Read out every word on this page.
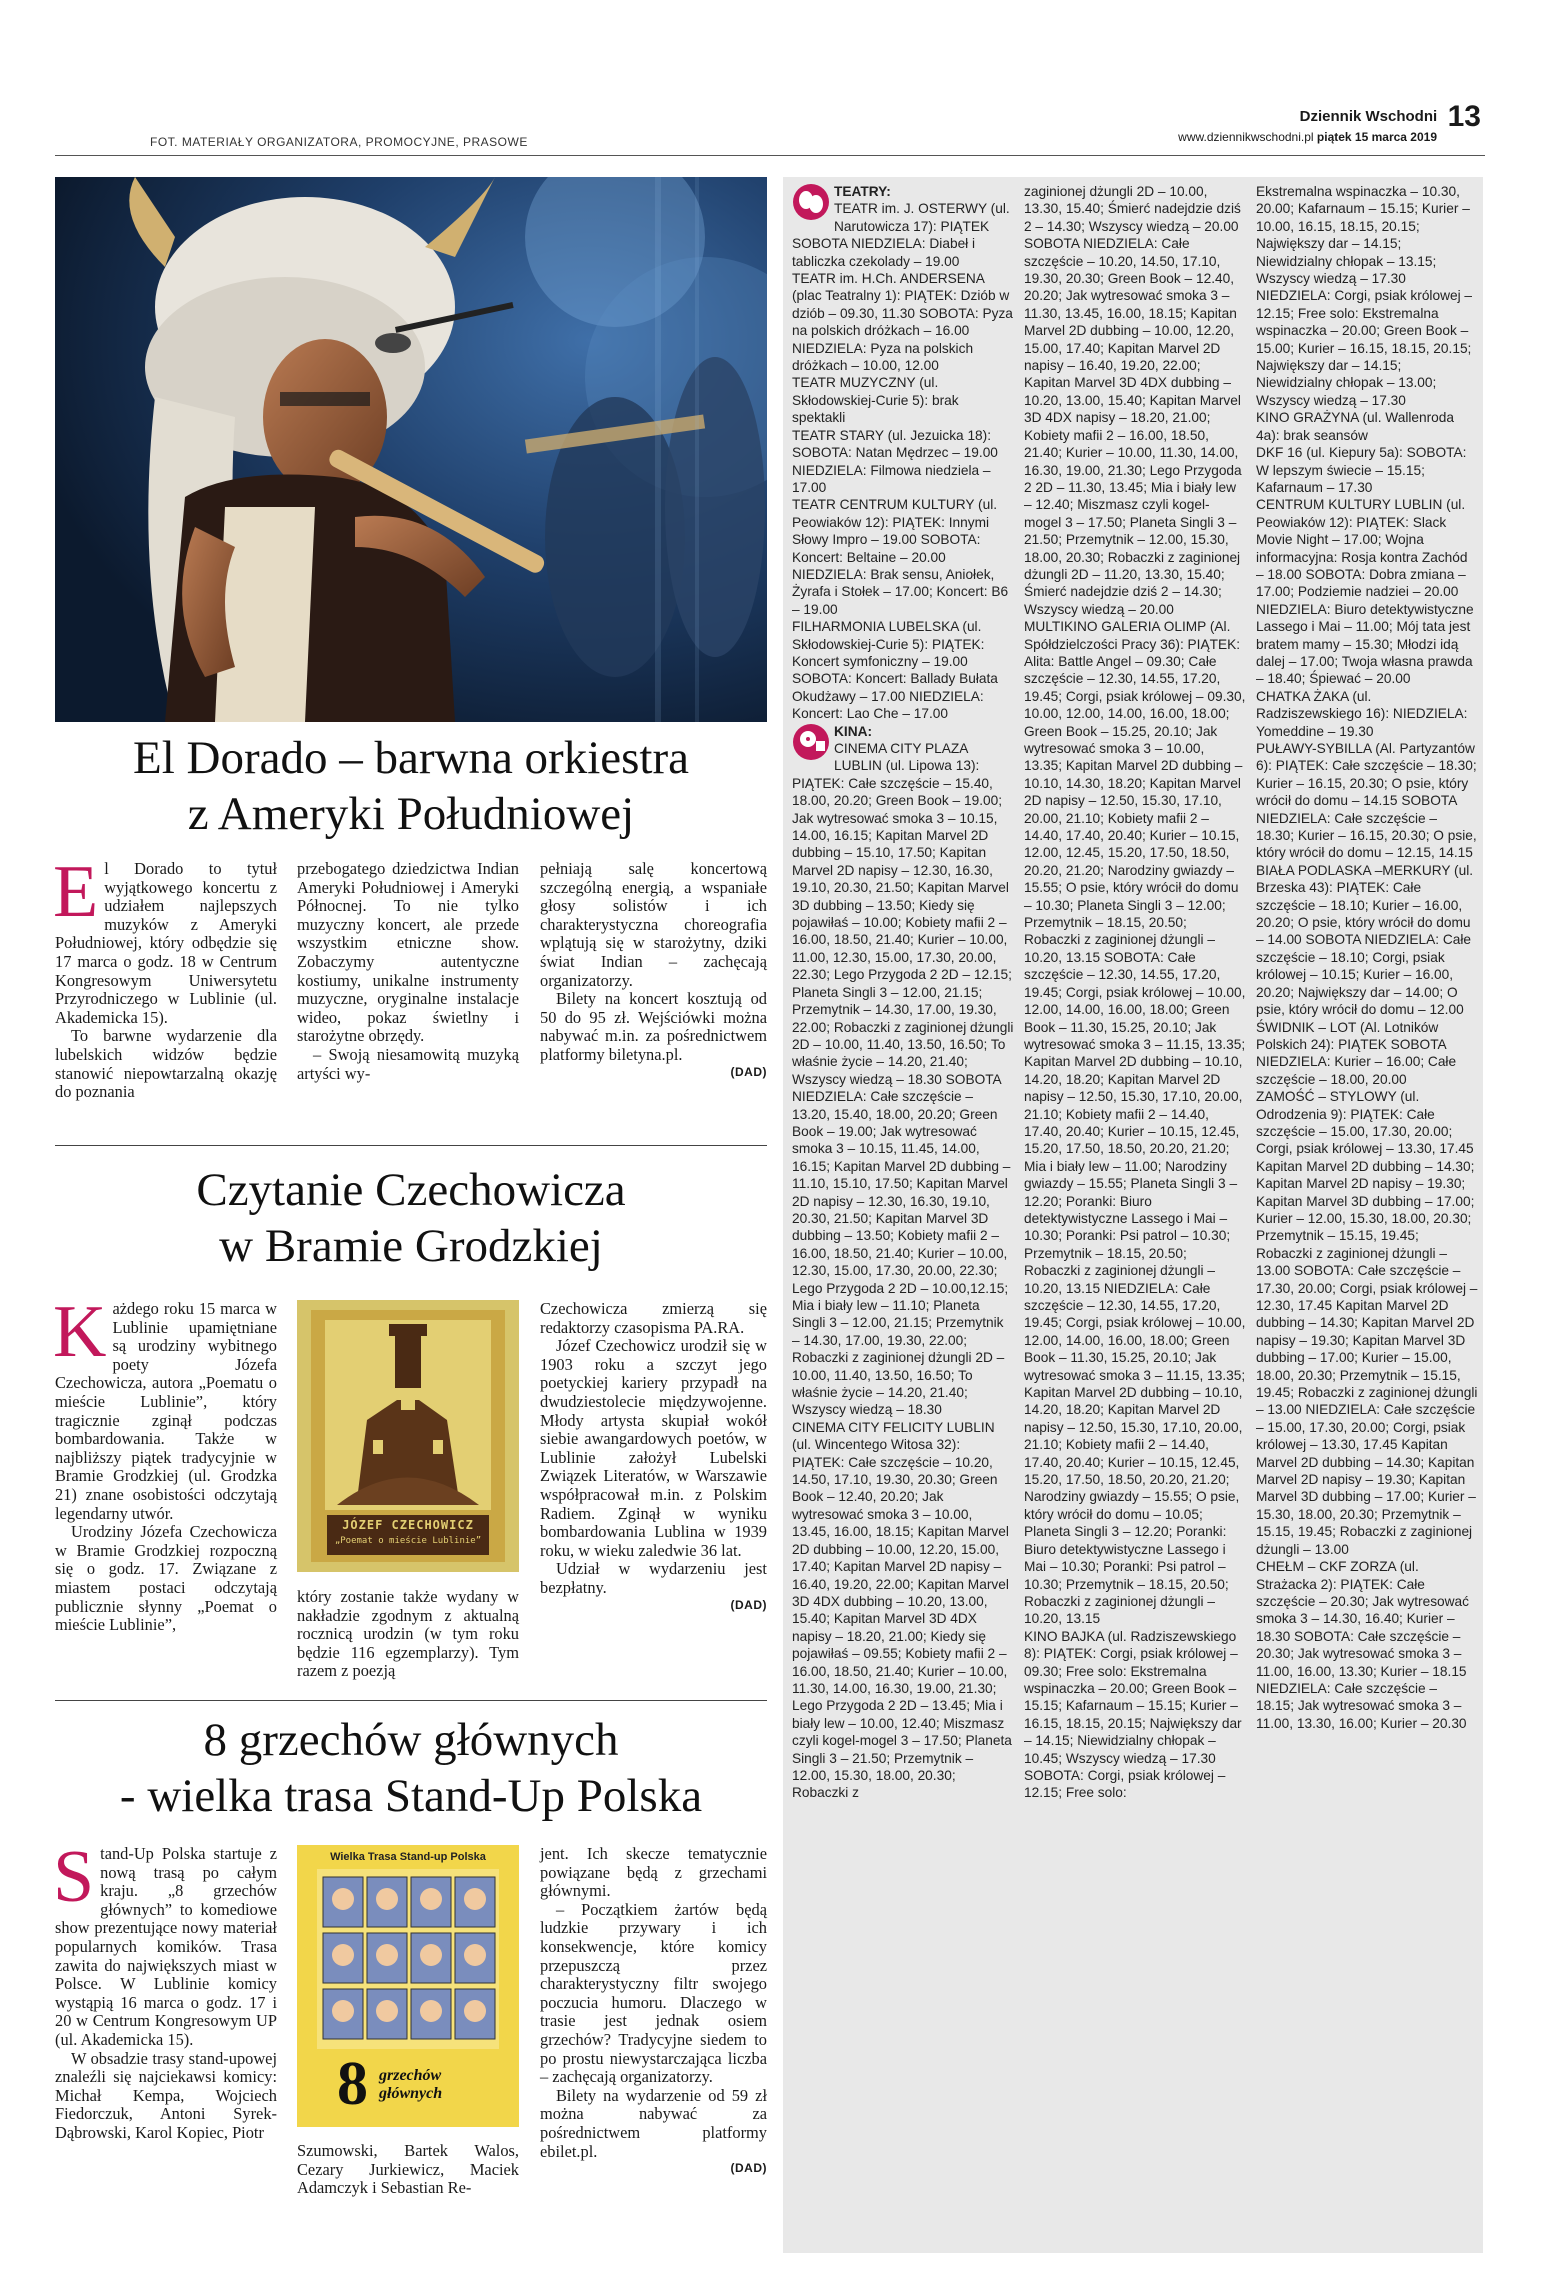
FOT. MATERIAŁY ORGANIZATORA, PROMOCYJNE, PRASOWE
Dziennik Wschodni 13
www.dziennikwschodni.pl piątek 15 marca 2019
El Dorado – barwna orkiestra
z Ameryki Południowej

El Dorado to tytuł wyjątkowego koncertu z udziałem najlepszych muzyków z Ameryki Południowej, który odbędzie się 17 marca o godz. 18 w Centrum Kongresowym Uniwersytetu Przyrodniczego w Lublinie (ul. Akademicka 15).

To barwne wydarzenie dla lubelskich widzów będzie stanowić niepowtarzalną okazję do poznania

przebogatego dziedzictwa Indian Ameryki Południowej i Ameryki Północnej. To nie tylko muzyczny koncert, ale przede wszystkim etniczne show. Zobaczymy autentyczne kostiumy, unikalne instrumenty muzyczne, oryginalne instalacje wideo, pokaz świetlny i starożytne obrzędy.

– Swoją niesamowitą muzyką artyści wy-

pełniają salę koncertową szczególną energią, a wspaniałe głosy solistów i ich charakterystyczna choreografia wplątują się w starożytny, dziki świat Indian – zachęcają organizatorzy.

Bilety na koncert kosztują od 50 do 95 zł. Wejściówki można nabywać m.in. za pośrednictwem platformy biletyna.pl.

(DAD)
Czytanie Czechowicza
w Bramie Grodzkiej

Każdego roku 15 marca w Lublinie upamiętniane są urodziny wybitnego poety Józefa Czechowicza, autora „Poematu o mieście Lublinie”, który tragicznie zginął podczas bombardowania. Także w najbliższy piątek tradycyjnie w Bramie Grodzkiej (ul. Grodzka 21) znane osobistości odczytają legendarny utwór.

Urodziny Józefa Czechowicza w Bramie Grodzkiej rozpoczną się o godz. 17. Związane z miastem postaci odczytają publicznie słynny „Poemat o mieście Lublinie”,

JÓZEF CZECHOWICZ
„Poemat o mieście Lublinie”

który zostanie także wydany w nakładzie zgodnym z aktualną rocznicą urodzin (w tym roku będzie 116 egzemplarzy). Tym razem z poezją

Czechowicza zmierzą się redaktorzy czasopisma PA.RA.

Józef Czechowicz urodził się w 1903 roku a szczyt jego poetyckiej kariery przypadł na dwudziestolecie międzywojenne. Młody artysta skupiał wokół siebie awangardowych poetów, w Lublinie założył Lubelski Związek Literatów, w Warszawie współpracował m.in. z Polskim Radiem. Zginął w wyniku bombardowania Lublina w 1939 roku, w wieku zaledwie 36 lat.

Udział w wydarzeniu jest bezpłatny.

(DAD)
8 grzechów głównych
- wielka trasa Stand-Up Polska

Stand-Up Polska startuje z nową trasą po całym kraju. „8 grzechów głównych” to komediowe show prezentujące nowy materiał popularnych komików. Trasa zawita do największych miast w Polsce. W Lublinie komicy wystąpią 16 marca o godz. 17 i 20 w Centrum Kongresowym UP (ul. Akademicka 15).

W obsadzie trasy stand-upowej znaleźli się najciekawsi komicy: Michał Kempa, Wojciech Fiedorczuk, Antoni Syrek-Dąbrowski, Karol Kopiec, Piotr

Wielka Trasa Stand-up Polska
8 grzechów głównych

Szumowski, Bartek Walos, Cezary Jurkiewicz, Maciek Adamczyk i Sebastian Re-

jent. Ich skecze tematycznie powiązane będą z grzechami głównymi.

– Początkiem żartów będą ludzkie przywary i ich konsekwencje, które komicy przepuszczą przez charakterystyczny filtr swojego poczucia humoru. Dlaczego w trasie jest jednak osiem grzechów? Tradycyjne siedem to po prostu niewystarczająca liczba – zachęcają organizatorzy.

Bilety na wydarzenie od 59 zł można nabywać za pośrednictwem platformy ebilet.pl.

(DAD)

TEATRY:

TEATR im. J. OSTERWY (ul. Narutowicza 17): PIĄTEK SOBOTA NIEDZIELA: Diabeł i tabliczka czekolady – 19.00

TEATR im. H.Ch. ANDERSENA (plac Teatralny 1): PIĄTEK: Dziób w dziób – 09.30, 11.30 SOBOTA: Pyza na polskich dróżkach – 16.00 NIEDZIELA: Pyza na polskich dróżkach – 10.00, 12.00

TEATR MUZYCZNY (ul. Skłodowskiej-Curie 5): brak spektakli

TEATR STARY (ul. Jezuicka 18): SOBOTA: Natan Mędrzec – 19.00 NIEDZIELA: Filmowa niedziela – 17.00

TEATR CENTRUM KULTURY (ul. Peowiaków 12): PIĄTEK: Innymi Słowy Impro – 19.00 SOBOTA: Koncert: Beltaine – 20.00 NIEDZIELA: Brak sensu, Aniołek, Żyrafa i Stołek – 17.00; Koncert: B6 – 19.00

FILHARMONIA LUBELSKA (ul. Skłodowskiej-Curie 5): PIĄTEK: Koncert symfoniczny – 19.00 SOBOTA: Koncert: Ballady Bułata Okudżawy – 17.00 NIEDZIELA: Koncert: Lao Che – 17.00

KINA:

CINEMA CITY PLAZA LUBLIN (ul. Lipowa 13): PIĄTEK: Całe szczęście – 15.40, 18.00, 20.20; Green Book – 19.00; Jak wytresować smoka 3 – 10.15, 14.00, 16.15; Kapitan Marvel 2D dubbing – 15.10, 17.50; Kapitan Marvel 2D napisy – 12.30, 16.30, 19.10, 20.30, 21.50; Kapitan Marvel 3D dubbing – 13.50; Kiedy się pojawiłaś – 10.00; Kobiety mafii 2 – 16.00, 18.50, 21.40; Kurier – 10.00, 11.00, 12.30, 15.00, 17.30, 20.00, 22.30; Lego Przygoda 2 2D – 12.15; Planeta Singli 3 – 12.00, 21.15; Przemytnik – 14.30, 17.00, 19.30, 22.00; Robaczki z zaginionej dżungli 2D – 10.00, 11.40, 13.50, 16.50; To właśnie życie – 14.20, 21.40; Wszyscy wiedzą – 18.30 SOBOTA NIEDZIELA: Całe szczęście – 13.20, 15.40, 18.00, 20.20; Green Book – 19.00; Jak wytresować smoka 3 – 10.15, 11.45, 14.00, 16.15; Kapitan Marvel 2D dubbing – 11.10, 15.10, 17.50; Kapitan Marvel 2D napisy – 12.30, 16.30, 19.10, 20.30, 21.50; Kapitan Marvel 3D dubbing – 13.50; Kobiety mafii 2 – 16.00, 18.50, 21.40; Kurier – 10.00, 12.30, 15.00, 17.30, 20.00, 22.30; Lego Przygoda 2 2D – 10.00,12.15; Mia i biały lew – 11.10; Planeta Singli 3 – 12.00, 21.15; Przemytnik – 14.30, 17.00, 19.30, 22.00; Robaczki z zaginionej dżungli 2D – 10.00, 11.40, 13.50, 16.50; To właśnie życie – 14.20, 21.40; Wszyscy wiedzą – 18.30

CINEMA CITY FELICITY LUBLIN (ul. Wincentego Witosa 32): PIĄTEK: Całe szczęście – 10.20, 14.50, 17.10, 19.30, 20.30; Green Book – 12.40, 20.20; Jak wytresować smoka 3 – 10.00, 13.45, 16.00, 18.15; Kapitan Marvel 2D dubbing – 10.00, 12.20, 15.00, 17.40; Kapitan Marvel 2D napisy – 16.40, 19.20, 22.00; Kapitan Marvel 3D 4DX dubbing – 10.20, 13.00, 15.40; Kapitan Marvel 3D 4DX napisy – 18.20, 21.00; Kiedy się pojawiłaś – 09.55; Kobiety mafii 2 – 16.00, 18.50, 21.40; Kurier – 10.00, 11.30, 14.00, 16.30, 19.00, 21.30; Lego Przygoda 2 2D – 13.45; Mia i biały lew – 10.00, 12.40; Miszmasz czyli kogel-mogel 3 – 17.50; Planeta Singli 3 – 21.50; Przemytnik – 12.00, 15.30, 18.00, 20.30; Robaczki z

zaginionej dżungli 2D – 10.00, 13.30, 15.40; Śmierć nadejdzie dziś 2 – 14.30; Wszyscy wiedzą – 20.00 SOBOTA NIEDZIELA: Całe szczęście – 10.20, 14.50, 17.10, 19.30, 20.30; Green Book – 12.40, 20.20; Jak wytresować smoka 3 – 11.30, 13.45, 16.00, 18.15; Kapitan Marvel 2D dubbing – 10.00, 12.20, 15.00, 17.40; Kapitan Marvel 2D napisy – 16.40, 19.20, 22.00; Kapitan Marvel 3D 4DX dubbing – 10.20, 13.00, 15.40; Kapitan Marvel 3D 4DX napisy – 18.20, 21.00; Kobiety mafii 2 – 16.00, 18.50, 21.40; Kurier – 10.00, 11.30, 14.00, 16.30, 19.00, 21.30; Lego Przygoda 2 2D – 11.30, 13.45; Mia i biały lew – 12.40; Miszmasz czyli kogel-mogel 3 – 17.50; Planeta Singli 3 – 21.50; Przemytnik – 12.00, 15.30, 18.00, 20.30; Robaczki z zaginionej dżungli 2D – 11.20, 13.30, 15.40; Śmierć nadejdzie dziś 2 – 14.30; Wszyscy wiedzą – 20.00

MULTIKINO GALERIA OLIMP (Al. Spółdzielczości Pracy 36): PIĄTEK: Alita: Battle Angel – 09.30; Całe szczęście – 12.30, 14.55, 17.20, 19.45; Corgi, psiak królowej – 09.30, 10.00, 12.00, 14.00, 16.00, 18.00; Green Book – 15.25, 20.10; Jak wytresować smoka 3 – 10.00, 13.35; Kapitan Marvel 2D dubbing – 10.10, 14.30, 18.20; Kapitan Marvel 2D napisy – 12.50, 15.30, 17.10, 20.00, 21.10; Kobiety mafii 2 – 14.40, 17.40, 20.40; Kurier – 10.15, 12.00, 12.45, 15.20, 17.50, 18.50, 20.20, 21.20; Narodziny gwiazdy – 15.55; O psie, który wrócił do domu – 10.30; Planeta Singli 3 – 12.00; Przemytnik – 18.15, 20.50; Robaczki z zaginionej dżungli – 10.20, 13.15 SOBOTA: Całe szczęście – 12.30, 14.55, 17.20, 19.45; Corgi, psiak królowej – 10.00, 12.00, 14.00, 16.00, 18.00; Green Book – 11.30, 15.25, 20.10; Jak wytresować smoka 3 – 11.15, 13.35; Kapitan Marvel 2D dubbing – 10.10, 14.20, 18.20; Kapitan Marvel 2D napisy – 12.50, 15.30, 17.10, 20.00, 21.10; Kobiety mafii 2 – 14.40, 17.40, 20.40; Kurier – 10.15, 12.45, 15.20, 17.50, 18.50, 20.20, 21.20; Mia i biały lew – 11.00; Narodziny gwiazdy – 15.55; Planeta Singli 3 – 12.20; Poranki: Biuro detektywistyczne Lassego i Mai – 10.30; Poranki: Psi patrol – 10.30; Przemytnik – 18.15, 20.50; Robaczki z zaginionej dżungli – 10.20, 13.15 NIEDZIELA: Całe szczęście – 12.30, 14.55, 17.20, 19.45; Corgi, psiak królowej – 10.00, 12.00, 14.00, 16.00, 18.00; Green Book – 11.30, 15.25, 20.10; Jak wytresować smoka 3 – 11.15, 13.35; Kapitan Marvel 2D dubbing – 10.10, 14.20, 18.20; Kapitan Marvel 2D napisy – 12.50, 15.30, 17.10, 20.00, 21.10; Kobiety mafii 2 – 14.40, 17.40, 20.40; Kurier – 10.15, 12.45, 15.20, 17.50, 18.50, 20.20, 21.20; Narodziny gwiazdy – 15.55; O psie, który wrócił do domu – 10.05; Planeta Singli 3 – 12.20; Poranki: Biuro detektywistyczne Lassego i Mai – 10.30; Poranki: Psi patrol – 10.30; Przemytnik – 18.15, 20.50; Robaczki z zaginionej dżungli – 10.20, 13.15

KINO BAJKA (ul. Radziszewskiego 8): PIĄTEK: Corgi, psiak królowej – 09.30; Free solo: Ekstremalna wspinaczka – 20.00; Green Book – 15.15; Kafarnaum – 15.15; Kurier – 16.15, 18.15, 20.15; Największy dar – 14.15; Niewidzialny chłopak – 10.45; Wszyscy wiedzą – 17.30 SOBOTA: Corgi, psiak królowej – 12.15; Free solo:

Ekstremalna wspinaczka – 10.30, 20.00; Kafarnaum – 15.15; Kurier – 10.00, 16.15, 18.15, 20.15; Największy dar – 14.15; Niewidzialny chłopak – 13.15; Wszyscy wiedzą – 17.30 NIEDZIELA: Corgi, psiak królowej – 12.15; Free solo: Ekstremalna wspinaczka – 20.00; Green Book – 15.00; Kurier – 16.15, 18.15, 20.15; Największy dar – 14.15; Niewidzialny chłopak – 13.00; Wszyscy wiedzą – 17.30

KINO GRAŻYNA (ul. Wallenroda 4a): brak seansów

DKF 16 (ul. Kiepury 5a): SOBOTA: W lepszym świecie – 15.15; Kafarnaum – 17.30

CENTRUM KULTURY LUBLIN (ul. Peowiaków 12): PIĄTEK: Slack Movie Night – 17.00; Wojna informacyjna: Rosja kontra Zachód – 18.00 SOBOTA: Dobra zmiana – 17.00; Podziemie nadziei – 20.00 NIEDZIELA: Biuro detektywistyczne Lassego i Mai – 11.00; Mój tata jest bratem mamy – 15.30; Młodzi idą dalej – 17.00; Twoja własna prawda – 18.40; Śpiewać – 20.00

CHATKA ŻAKA (ul. Radziszewskiego 16): NIEDZIELA: Yomeddine – 19.30

PUŁAWY-SYBILLA (Al. Partyzantów 6): PIĄTEK: Całe szczęście – 18.30; Kurier – 16.15, 20.30; O psie, który wrócił do domu – 14.15 SOBOTA NIEDZIELA: Całe szczęście – 18.30; Kurier – 16.15, 20.30; O psie, który wrócił do domu – 12.15, 14.15

BIAŁA PODLASKA –MERKURY (ul. Brzeska 43): PIĄTEK: Całe szczęście – 18.10; Kurier – 16.00, 20.20; O psie, który wrócił do domu – 14.00 SOBOTA NIEDZIELA: Całe szczęście – 18.10; Corgi, psiak królowej – 10.15; Kurier – 16.00, 20.20; Największy dar – 14.00; O psie, który wrócił do domu – 12.00

ŚWIDNIK – LOT (Al. Lotników Polskich 24): PIĄTEK SOBOTA NIEDZIELA: Kurier – 16.00; Całe szczęście – 18.00, 20.00

ZAMOŚĆ – STYLOWY (ul. Odrodzenia 9): PIĄTEK: Całe szczęście – 15.00, 17.30, 20.00; Corgi, psiak królowej – 13.30, 17.45 Kapitan Marvel 2D dubbing – 14.30; Kapitan Marvel 2D napisy – 19.30; Kapitan Marvel 3D dubbing – 17.00; Kurier – 12.00, 15.30, 18.00, 20.30; Przemytnik – 15.15, 19.45; Robaczki z zaginionej dżungli – 13.00 SOBOTA: Całe szczęście – 17.30, 20.00; Corgi, psiak królowej – 12.30, 17.45 Kapitan Marvel 2D dubbing – 14.30; Kapitan Marvel 2D napisy – 19.30; Kapitan Marvel 3D dubbing – 17.00; Kurier – 15.00, 18.00, 20.30; Przemytnik – 15.15, 19.45; Robaczki z zaginionej dżungli – 13.00 NIEDZIELA: Całe szczęście – 15.00, 17.30, 20.00; Corgi, psiak królowej – 13.30, 17.45 Kapitan Marvel 2D dubbing – 14.30; Kapitan Marvel 2D napisy – 19.30; Kapitan Marvel 3D dubbing – 17.00; Kurier – 15.30, 18.00, 20.30; Przemytnik – 15.15, 19.45; Robaczki z zaginionej dżungli – 13.00

CHEŁM – CKF ZORZA (ul. Strażacka 2): PIĄTEK: Całe szczęście – 20.30; Jak wytresować smoka 3 – 14.30, 16.40; Kurier – 18.30 SOBOTA: Całe szczęście – 20.30; Jak wytresować smoka 3 – 11.00, 16.00, 13.30; Kurier – 18.15 NIEDZIELA: Całe szczęście – 18.15; Jak wytresować smoka 3 – 11.00, 13.30, 16.00; Kurier – 20.30
